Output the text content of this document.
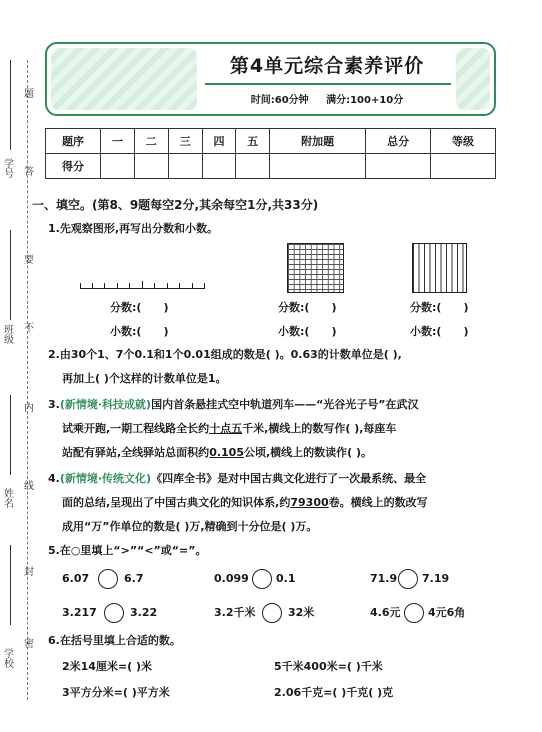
题
学号 答
要
班级
不
内
线
姓名
封
密
学校
第4单元综合素养评价
时间:60分钟 满分:100+10分
题序	一	二	三	四	五	附加题	总分	等级
得分								
一、填空。(第8、9题每空2分,其余每空1分,共33分)
1.先观察图形,再写出分数和小数。
分数:( )	分数:( )	分数:( )
小数:( )	小数:( )	小数:( )
2.由30个1、7个0.1和1个0.01组成的数是( )。0.63的计数单位是( ),
再加上( )个这样的计数单位是1。
3.(新情境·科技成就)国内首条悬挂式空中轨道列车——“光谷光子号”在武汉
试乘开跑,一期工程线路全长约十点五千米,横线上的数写作( ),每座车
站配有驿站,全线驿站总面积约0.105公顷,横线上的数读作( )。
4.(新情境·传统文化)《四库全书》是对中国古典文化进行了一次最系统、最全
面的总结,呈现出了中国古典文化的知识体系,约79300卷。横线上的数改写
成用“万”作单位的数是( )万,精确到十分位是( )万。
5.在○里填上“>”“<”或“=”。
6.07	6.7	0.099 0.1	71.9 7.19
3.217	3.22	3.2千米	32米	4.6元	4元6角
6.在括号里填上合适的数。
2米14厘米=( )米	5千米400米=( )千米
3平方分米=( )平方米	2.06千克=( )千克( )克
